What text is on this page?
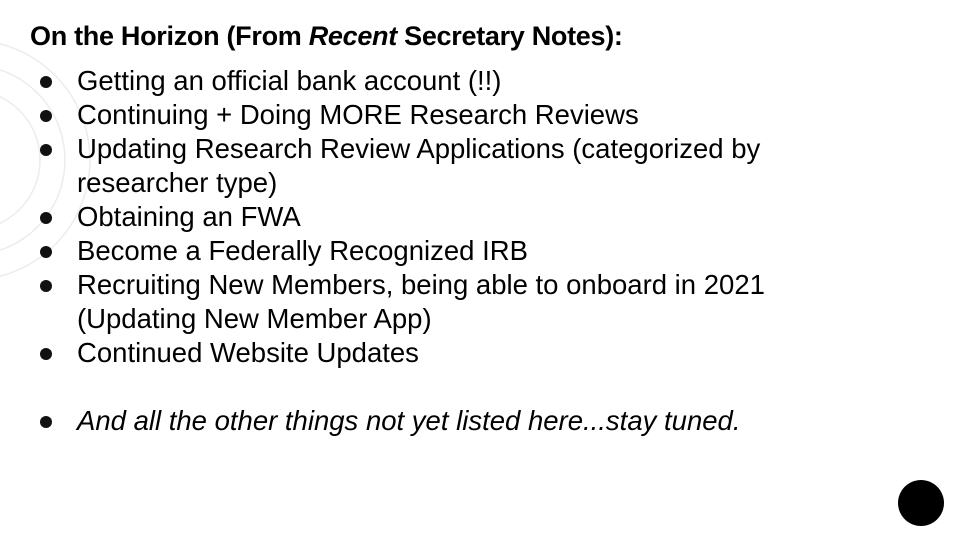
On the Horizon (From Recent Secretary Notes):
Getting an official bank account (!!)
Continuing + Doing MORE Research Reviews
Updating Research Review Applications (categorized by
researcher type)
Obtaining an FWA
Become a Federally Recognized IRB
Recruiting New Members, being able to onboard in 2021
(Updating New Member App)
Continued Website Updates
And all the other things not yet listed here...stay tuned.
